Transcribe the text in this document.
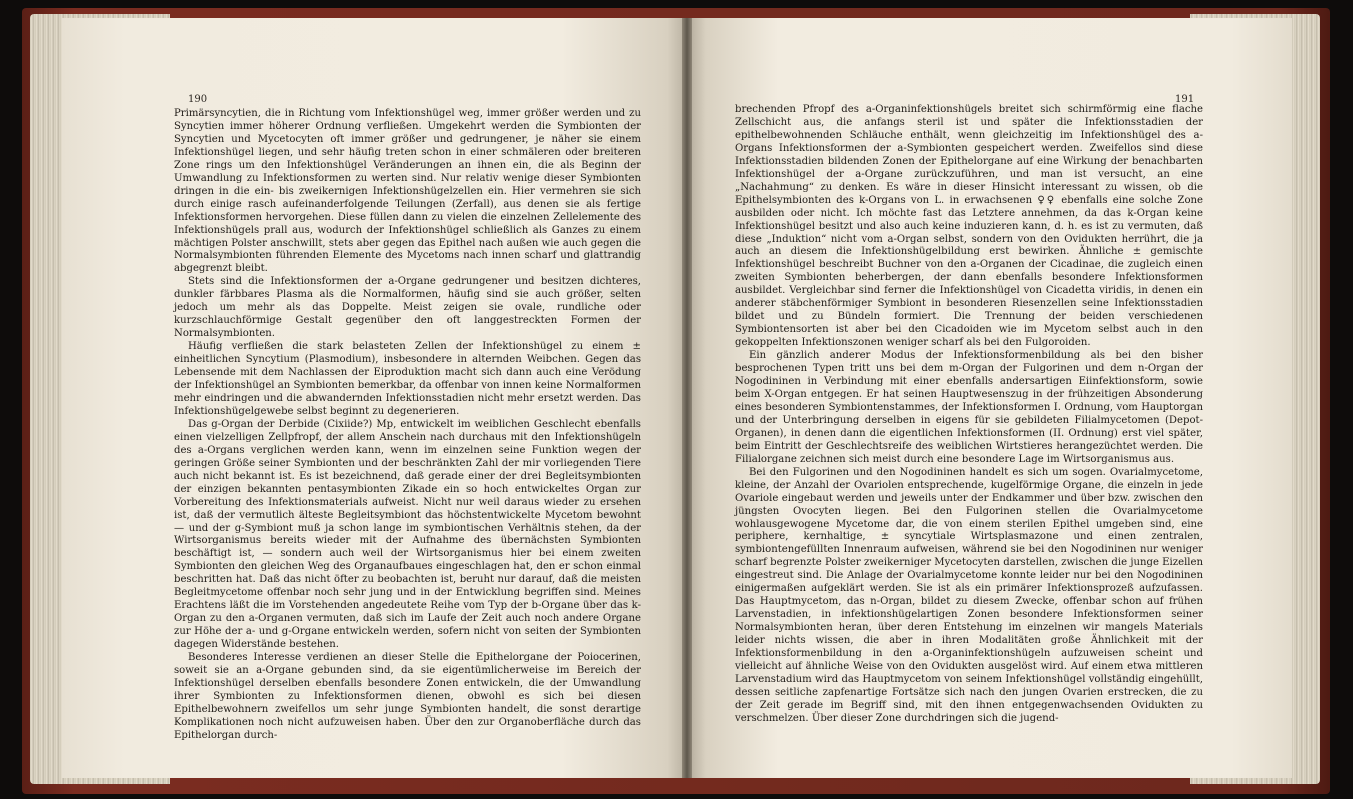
190

Primärsyncytien, die in Richtung vom Infektionshügel weg, immer größer werden und zu Syncytien immer höherer Ordnung verfließen. Umgekehrt werden die Symbionten der Syncytien und Mycetocyten oft immer größer und gedrungener, je näher sie einem Infektionshügel liegen, und sehr häufig treten schon in einer schmäleren oder breiteren Zone rings um den Infektionshügel Veränderungen an ihnen ein, die als Beginn der Umwandlung zu Infektionsformen zu werten sind. Nur relativ wenige dieser Symbionten dringen in die ein- bis zweikernigen Infektionshügelzellen ein. Hier vermehren sie sich durch einige rasch aufeinanderfolgende Teilungen (Zerfall), aus denen sie als fertige Infektionsformen hervorgehen. Diese füllen dann zu vielen die einzelnen Zellelemente des Infektionshügels prall aus, wodurch der Infektionshügel schließlich als Ganzes zu einem mächtigen Polster anschwillt, stets aber gegen das Epithel nach außen wie auch gegen die Normalsymbionten führenden Elemente des Mycetoms nach innen scharf und glattrandig abgegrenzt bleibt.

Stets sind die Infektionsformen der a-Organe gedrungener und besitzen dichteres, dunkler färbbares Plasma als die Normalformen, häufig sind sie auch größer, selten jedoch um mehr als das Doppelte. Meist zeigen sie ovale, rundliche oder kurzschlauchförmige Gestalt gegenüber den oft langgestreckten Formen der Normalsymbionten.

Häufig verfließen die stark belasteten Zellen der Infektionshügel zu einem ± einheitlichen Syncytium (Plasmodium), insbesondere in alternden Weibchen. Gegen das Lebensende mit dem Nachlassen der Eiproduktion macht sich dann auch eine Verödung der Infektionshügel an Symbionten bemerkbar, da offenbar von innen keine Normalformen mehr eindringen und die abwandernden Infektionsstadien nicht mehr ersetzt werden. Das Infektionshügelgewebe selbst beginnt zu degenerieren.

Das g-Organ der Derbide (Cixiide?) Mp, entwickelt im weiblichen Geschlecht ebenfalls einen vielzelligen Zellpfropf, der allem Anschein nach durchaus mit den Infektionshügeln des a-Organs verglichen werden kann, wenn im einzelnen seine Funktion wegen der geringen Größe seiner Symbionten und der beschränkten Zahl der mir vorliegenden Tiere auch nicht bekannt ist. Es ist bezeichnend, daß gerade einer der drei Begleitsymbionten der einzigen bekannten pentasymbionten Zikade ein so hoch entwickeltes Organ zur Vorbereitung des Infektionsmaterials aufweist. Nicht nur weil daraus wieder zu ersehen ist, daß der vermutlich älteste Begleitsymbiont das höchstentwickelte Mycetom bewohnt — und der g-Symbiont muß ja schon lange im symbiontischen Verhältnis stehen, da der Wirtsorganismus bereits wieder mit der Aufnahme des übernächsten Symbionten beschäftigt ist, — sondern auch weil der Wirtsorganismus hier bei einem zweiten Symbionten den gleichen Weg des Organaufbaues eingeschlagen hat, den er schon einmal beschritten hat. Daß das nicht öfter zu beobachten ist, beruht nur darauf, daß die meisten Begleitmycetome offenbar noch sehr jung und in der Entwicklung begriffen sind. Meines Erachtens läßt die im Vorstehenden angedeutete Reihe vom Typ der b-Organe über das k-Organ zu den a-Organen vermuten, daß sich im Laufe der Zeit auch noch andere Organe zur Höhe der a- und g-Organe entwickeln werden, sofern nicht von seiten der Symbionten dagegen Widerstände bestehen.

Besonderes Interesse verdienen an dieser Stelle die Epithelorgane der Poiocerinen, soweit sie an a-Organe gebunden sind, da sie eigentümlicherweise im Bereich der Infektionshügel derselben ebenfalls besondere Zonen entwickeln, die der Umwandlung ihrer Symbionten zu Infektionsformen dienen, obwohl es sich bei diesen Epithelbewohnern zweifellos um sehr junge Symbionten handelt, die sonst derartige Komplikationen noch nicht aufzuweisen haben. Über den zur Organoberfläche durch das Epithelorgan durch-

191

brechenden Pfropf des a-Organinfektionshügels breitet sich schirmförmig eine flache Zellschicht aus, die anfangs steril ist und später die Infektionsstadien der epithelbewohnenden Schläuche enthält, wenn gleichzeitig im Infektionshügel des a-Organs Infektionsformen der a-Symbionten gespeichert werden. Zweifellos sind diese Infektionsstadien bildenden Zonen der Epithelorgane auf eine Wirkung der benachbarten Infektionshügel der a-Organe zurückzuführen, und man ist versucht, an eine „Nachahmung“ zu denken. Es wäre in dieser Hinsicht interessant zu wissen, ob die Epithelsymbionten des k-Organs von L. in erwachsenen ♀♀ ebenfalls eine solche Zone ausbilden oder nicht. Ich möchte fast das Letztere annehmen, da das k-Organ keine Infektionshügel besitzt und also auch keine induzieren kann, d. h. es ist zu vermuten, daß diese „Induktion“ nicht vom a-Organ selbst, sondern von den Ovidukten herrührt, die ja auch an diesem die Infektionshügelbildung erst bewirken. Ähnliche ± gemischte Infektionshügel beschreibt Buchner von den a-Organen der Cicadinae, die zugleich einen zweiten Symbionten beherbergen, der dann ebenfalls besondere Infektionsformen ausbildet. Vergleichbar sind ferner die Infektionshügel von Cicadetta viridis, in denen ein anderer stäbchenförmiger Symbiont in besonderen Riesenzellen seine Infektionsstadien bildet und zu Bündeln formiert. Die Trennung der beiden verschiedenen Symbiontensorten ist aber bei den Cicadoiden wie im Mycetom selbst auch in den gekoppelten Infektionszonen weniger scharf als bei den Fulgoroiden.

Ein gänzlich anderer Modus der Infektionsformenbildung als bei den bisher besprochenen Typen tritt uns bei dem m-Organ der Fulgorinen und dem n-Organ der Nogodininen in Verbindung mit einer ebenfalls andersartigen Eiinfektionsform, sowie beim X-Organ entgegen. Er hat seinen Hauptwesenszug in der frühzeitigen Absonderung eines besonderen Symbiontenstammes, der Infektionsformen I. Ordnung, vom Hauptorgan und der Unterbringung derselben in eigens für sie gebildeten Filialmycetomen (Depot-Organen), in denen dann die eigentlichen Infektionsformen (II. Ordnung) erst viel später, beim Eintritt der Geschlechtsreife des weiblichen Wirtstieres herangezüchtet werden. Die Filialorgane zeichnen sich meist durch eine besondere Lage im Wirtsorganismus aus.

Bei den Fulgorinen und den Nogodininen handelt es sich um sogen. Ovarialmycetome, kleine, der Anzahl der Ovariolen entsprechende, kugelförmige Organe, die einzeln in jede Ovariole eingebaut werden und jeweils unter der Endkammer und über bzw. zwischen den jüngsten Ovocyten liegen. Bei den Fulgorinen stellen die Ovarialmycetome wohlausgewogene Mycetome dar, die von einem sterilen Epithel umgeben sind, eine periphere, kernhaltige, ± syncytiale Wirtsplasmazone und einen zentralen, symbiontengefüllten Innenraum aufweisen, während sie bei den Nogodininen nur weniger scharf begrenzte Polster zweikerniger Mycetocyten darstellen, zwischen die junge Eizellen eingestreut sind. Die Anlage der Ovarialmycetome konnte leider nur bei den Nogodininen einigermaßen aufgeklärt werden. Sie ist als ein primärer Infektionsprozeß aufzufassen. Das Hauptmycetom, das n-Organ, bildet zu diesem Zwecke, offenbar schon auf frühen Larvenstadien, in infektionshügelartigen Zonen besondere Infektionsformen seiner Normalsymbionten heran, über deren Entstehung im einzelnen wir mangels Materials leider nichts wissen, die aber in ihren Modalitäten große Ähnlichkeit mit der Infektionsformenbildung in den a-Organinfektionshügeln aufzuweisen scheint und vielleicht auf ähnliche Weise von den Ovidukten ausgelöst wird. Auf einem etwa mittleren Larvenstadium wird das Hauptmycetom von seinem Infektionshügel vollständig eingehüllt, dessen seitliche zapfenartige Fortsätze sich nach den jungen Ovarien erstrecken, die zu der Zeit gerade im Begriff sind, mit den ihnen entgegenwachsenden Ovidukten zu verschmelzen. Über dieser Zone durchdringen sich die jugend-
